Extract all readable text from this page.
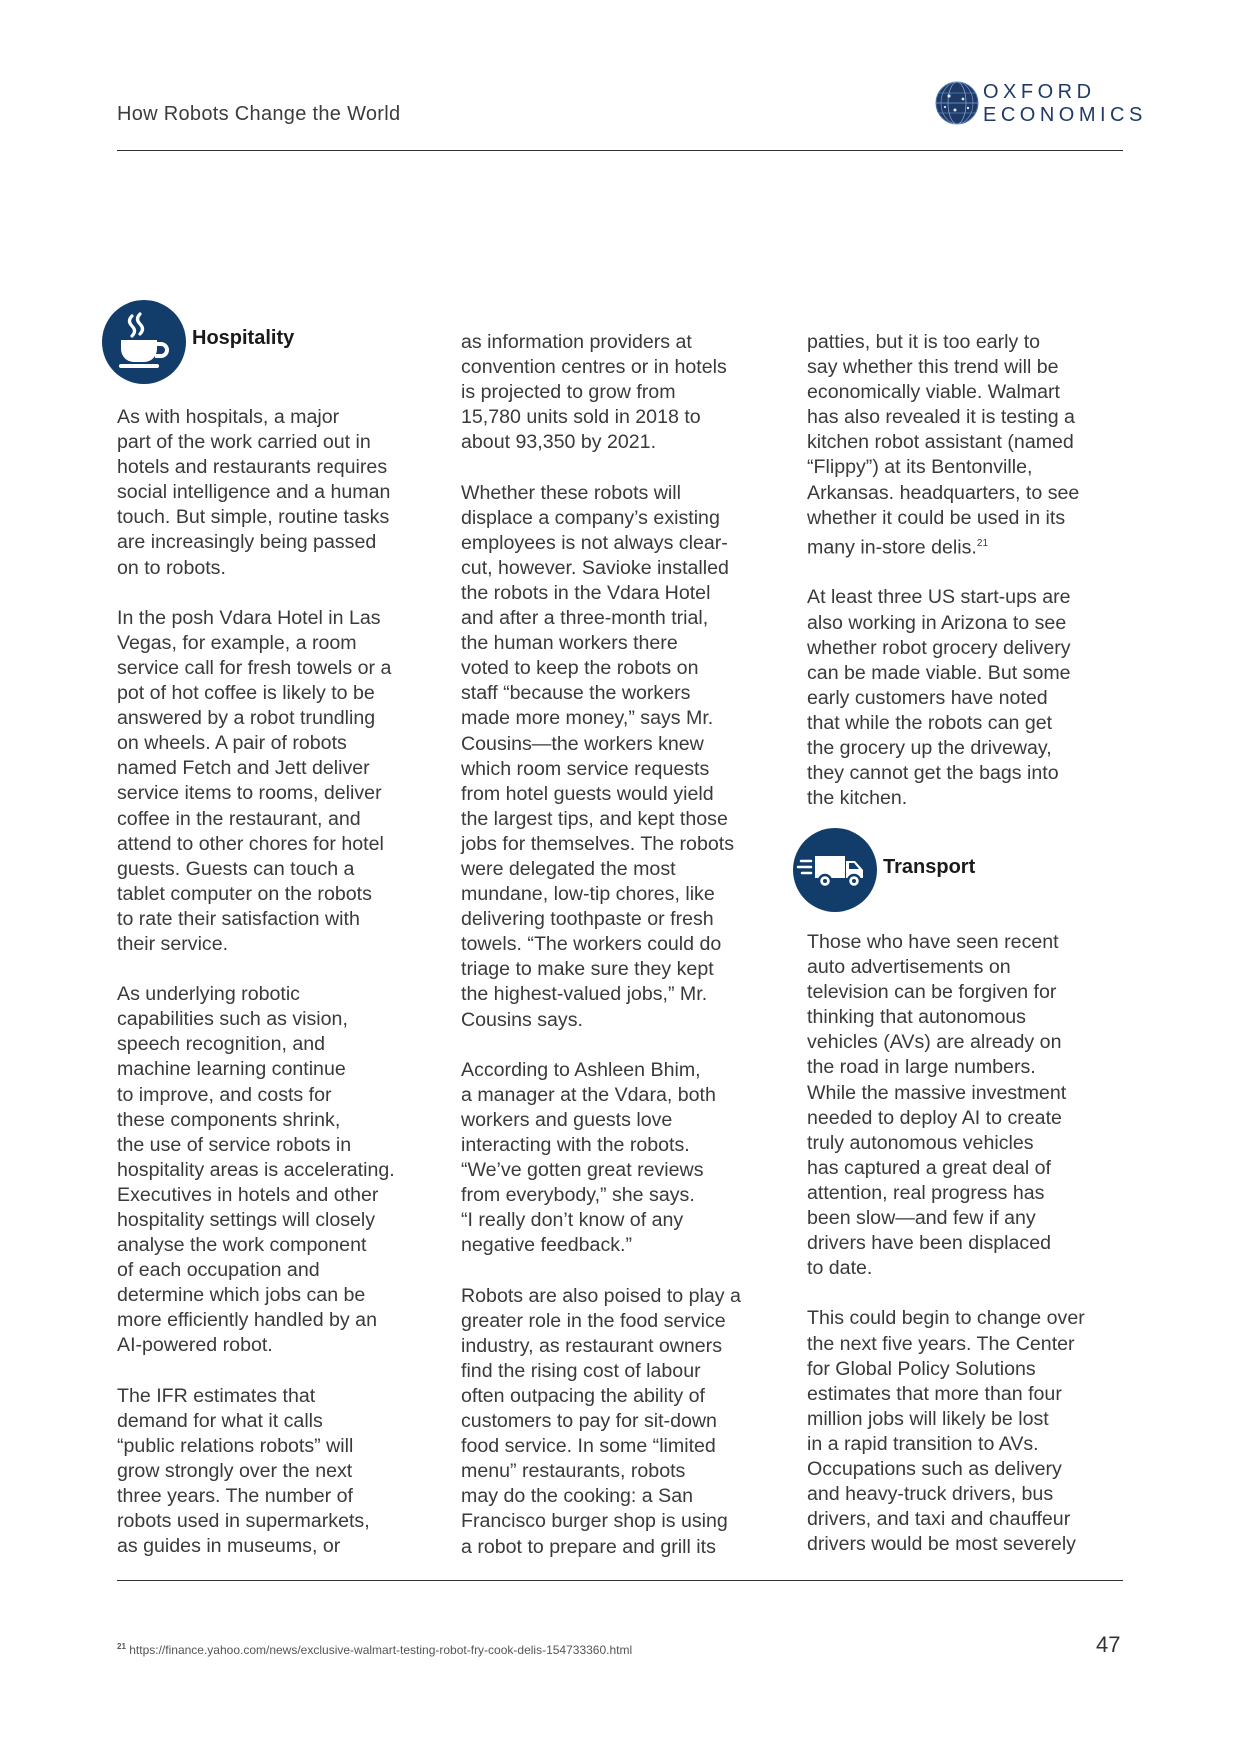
How Robots Change the World
OXFORD
ECONOMICS
Hospitality

As with hospitals, a major
part of the work carried out in
hotels and restaurants requires
social intelligence and a human
touch. But simple, routine tasks
are increasingly being passed
on to robots.

In the posh Vdara Hotel in Las
Vegas, for example, a room
service call for fresh towels or a
pot of hot coffee is likely to be
answered by a robot trundling
on wheels. A pair of robots
named Fetch and Jett deliver
service items to rooms, deliver
coffee in the restaurant, and
attend to other chores for hotel
guests. Guests can touch a
tablet computer on the robots
to rate their satisfaction with
their service.

As underlying robotic
capabilities such as vision,
speech recognition, and
machine learning continue
to improve, and costs for
these components shrink,
the use of service robots in
hospitality areas is accelerating.
Executives in hotels and other
hospitality settings will closely
analyse the work component
of each occupation and
determine which jobs can be
more efficiently handled by an
AI-powered robot.

The IFR estimates that
demand for what it calls
“public relations robots” will
grow strongly over the next
three years. The number of
robots used in supermarkets,
as guides in museums, or

as information providers at
convention centres or in hotels
is projected to grow from
15,780 units sold in 2018 to
about 93,350 by 2021.

Whether these robots will
displace a company’s existing
employees is not always clear-
cut, however. Savioke installed
the robots in the Vdara Hotel
and after a three-month trial,
the human workers there
voted to keep the robots on
staff “because the workers
made more money,” says Mr.
Cousins—the workers knew
which room service requests
from hotel guests would yield
the largest tips, and kept those
jobs for themselves. The robots
were delegated the most
mundane, low-tip chores, like
delivering toothpaste or fresh
towels. “The workers could do
triage to make sure they kept
the highest-valued jobs,” Mr.
Cousins says.

According to Ashleen Bhim,
a manager at the Vdara, both
workers and guests love
interacting with the robots.
“We’ve gotten great reviews
from everybody,” she says.
“I really don’t know of any
negative feedback.”

Robots are also poised to play a
greater role in the food service
industry, as restaurant owners
find the rising cost of labour
often outpacing the ability of
customers to pay for sit-down
food service. In some “limited
menu” restaurants, robots
may do the cooking: a San
Francisco burger shop is using
a robot to prepare and grill its

patties, but it is too early to
say whether this trend will be
economically viable. Walmart
has also revealed it is testing a
kitchen robot assistant (named
“Flippy”) at its Bentonville,
Arkansas. headquarters, to see
whether it could be used in its
many in-store delis.$^{21}$

At least three US start-ups are
also working in Arizona to see
whether robot grocery delivery
can be made viable. But some
early customers have noted
that while the robots can get
the grocery up the driveway,
they cannot get the bags into
the kitchen.

Transport

Those who have seen recent
auto advertisements on
television can be forgiven for
thinking that autonomous
vehicles (AVs) are already on
the road in large numbers.
While the massive investment
needed to deploy AI to create
truly autonomous vehicles
has captured a great deal of
attention, real progress has
been slow—and few if any
drivers have been displaced
to date.

This could begin to change over
the next five years. The Center
for Global Policy Solutions
estimates that more than four
million jobs will likely be lost
in a rapid transition to AVs.
Occupations such as delivery
and heavy-truck drivers, bus
drivers, and taxi and chauffeur
drivers would be most severely

$^{21}$ https://finance.yahoo.com/news/exclusive-walmart-testing-robot-fry-cook-delis-154733360.html	47
